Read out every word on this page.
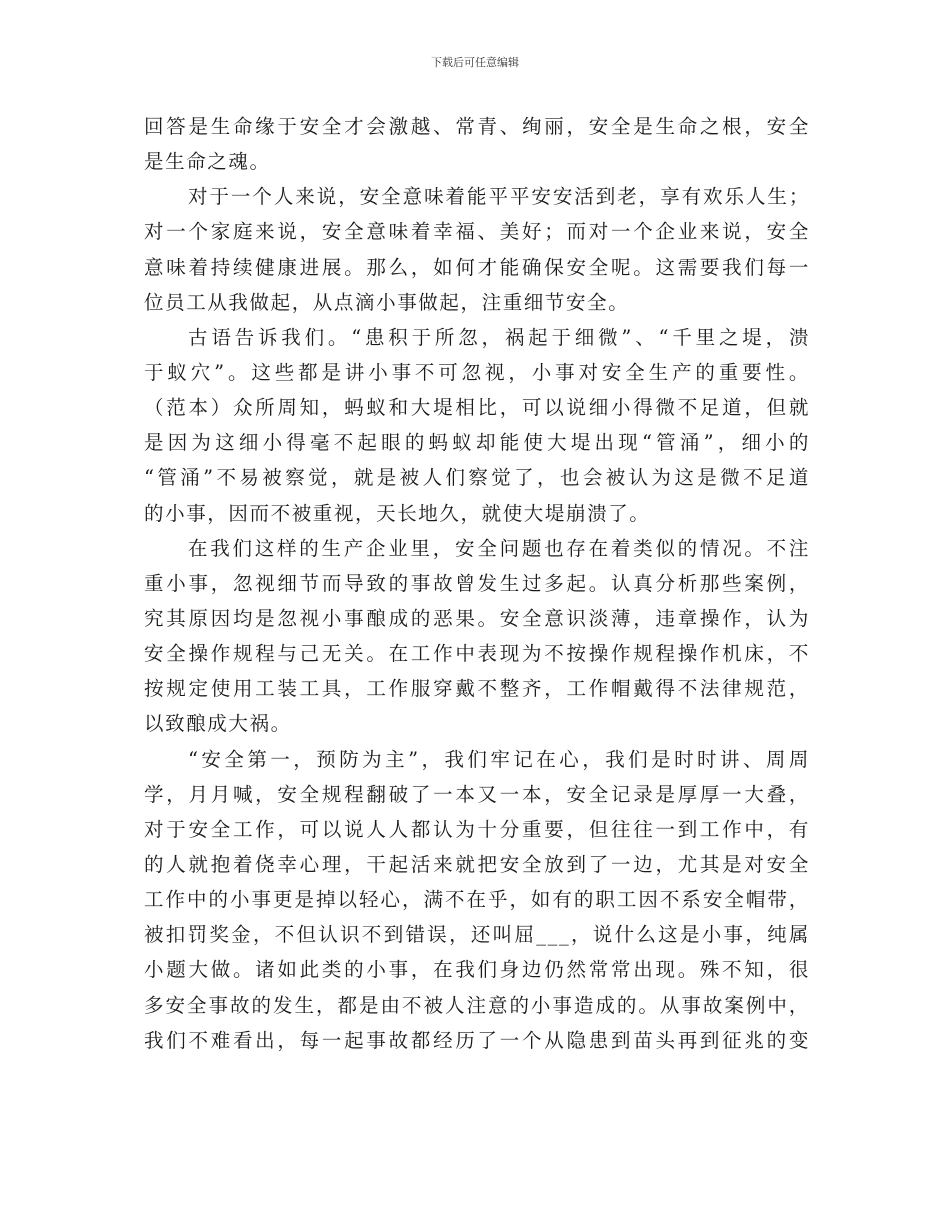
下载后可任意编辑
回答是生命缘于安全才会激越、常青、绚丽，安全是生命之根，安全
是生命之魂。
对于一个人来说，安全意味着能平平安安活到老，享有欢乐人生；
对一个家庭来说，安全意味着幸福、美好；而对一个企业来说，安全
意味着持续健康进展。那么，如何才能确保安全呢。这需要我们每一
位员工从我做起，从点滴小事做起，注重细节安全。
古语告诉我们。“患积于所忽，祸起于细微”、“千里之堤，溃
于蚁穴”。这些都是讲小事不可忽视，小事对安全生产的重要性。
（范本）众所周知，蚂蚁和大堤相比，可以说细小得微不足道，但就
是因为这细小得毫不起眼的蚂蚁却能使大堤出现“管涌”，细小的
“管涌”不易被察觉，就是被人们察觉了，也会被认为这是微不足道
的小事，因而不被重视，天长地久，就使大堤崩溃了。
在我们这样的生产企业里，安全问题也存在着类似的情况。不注
重小事，忽视细节而导致的事故曾发生过多起。认真分析那些案例，
究其原因均是忽视小事酿成的恶果。安全意识淡薄，违章操作，认为
安全操作规程与己无关。在工作中表现为不按操作规程操作机床，不
按规定使用工装工具，工作服穿戴不整齐，工作帽戴得不法律规范，
以致酿成大祸。
“安全第一，预防为主”，我们牢记在心，我们是时时讲、周周
学，月月喊，安全规程翻破了一本又一本，安全记录是厚厚一大叠，
对于安全工作，可以说人人都认为十分重要，但往往一到工作中，有
的人就抱着侥幸心理，干起活来就把安全放到了一边，尤其是对安全
工作中的小事更是掉以轻心，满不在乎，如有的职工因不系安全帽带，
被扣罚奖金，不但认识不到错误，还叫屈___，说什么这是小事，纯属
小题大做。诸如此类的小事，在我们身边仍然常常出现。殊不知，很
多安全事故的发生，都是由不被人注意的小事造成的。从事故案例中，
我们不难看出，每一起事故都经历了一个从隐患到苗头再到征兆的变
